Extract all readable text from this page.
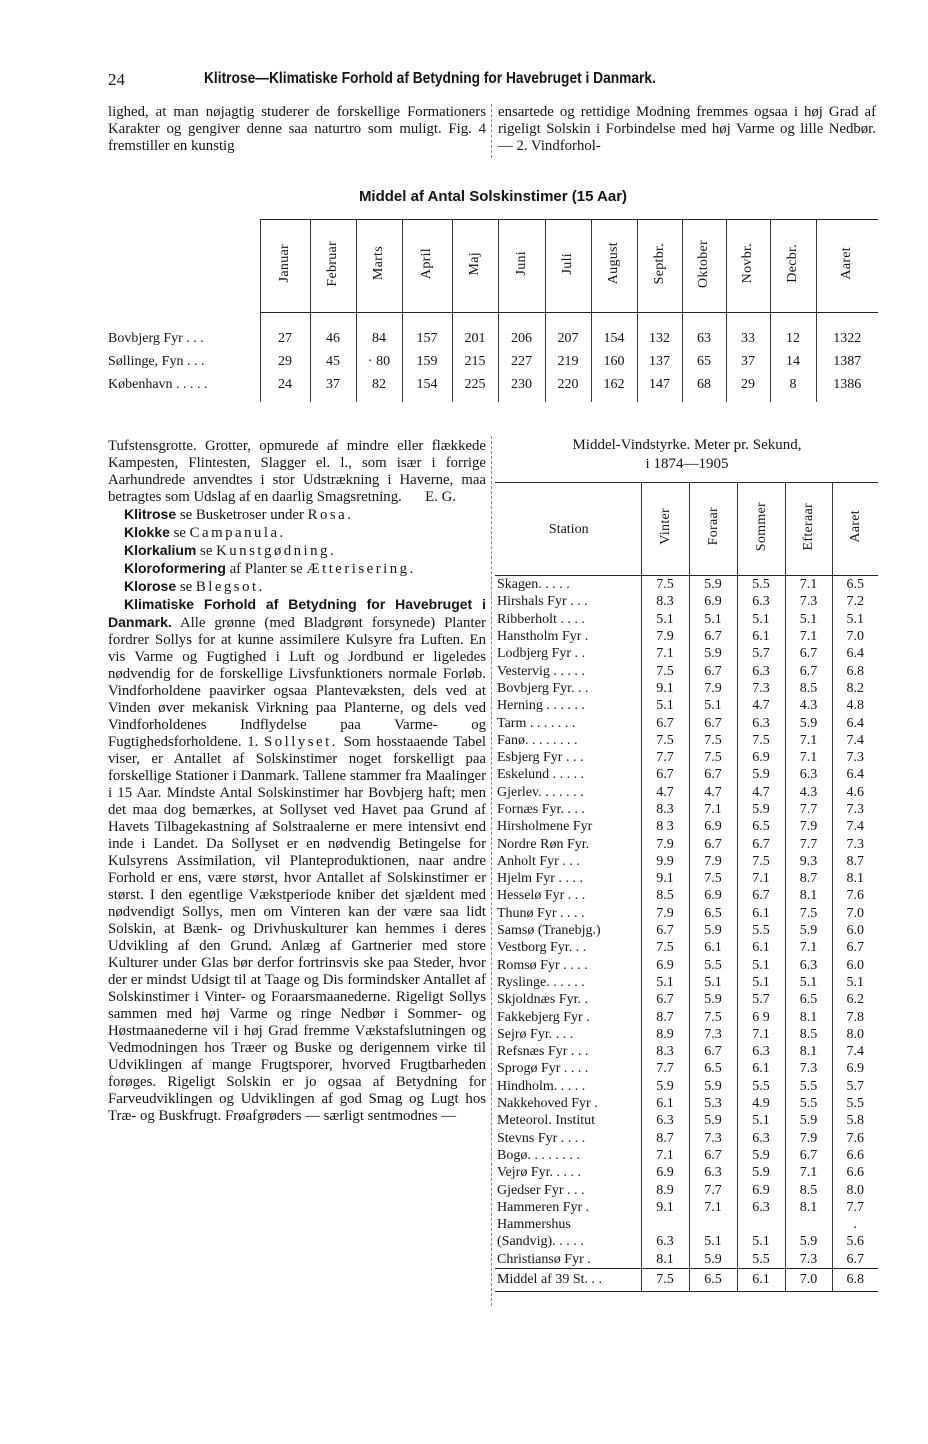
24	Klitrose—Klimatiske Forhold af Betydning for Havebruget i Danmark.

lighed, at man nøjagtig studerer de forskellige Formationers Karakter og gengiver denne saa naturtro som muligt. Fig. 4 fremstiller en kunstig

ensartede og rettidige Modning fremmes ogsaa i høj Grad af rigeligt Solskin i Forbindelse med høj Varme og lille Nedbør. — 2. Vindforhol-

Middel af Antal Solskinstimer (15 Aar)
	Januar	Februar	Marts	April	Maj	Juni	Juli	August	Septbr.	Oktober	Novbr.	Decbr.	Aaret

Bovbjerg Fyr . . .	27	46	84	157	201	206	207	154	132	63	33	12	1322
Søllinge, Fyn . . .	29	45	· 80	159	215	227	219	160	137	65	37	14	1387
København . . . . .	24	37	82	154	225	230	220	162	147	68	29	8	1386

Tufstensgrotte. Grotter, opmurede af mindre eller flækkede Kampesten, Flintesten, Slagger el. l., som især i forrige Aarhundrede anvendtes i stor Udstrækning i Haverne, maa betragtes som Udslag af en daarlig Smagsretning. E. G.

Klitrose se Busketroser under Rosa.

Klokke se Campanula.

Klorkalium se Kunstgødning.

Kloroformering af Planter se Ætterisering.

Klorose se Blegsot.

Klimatiske Forhold af Betydning for Havebruget i Danmark. Alle grønne (med Bladgrønt forsynede) Planter fordrer Sollys for at kunne assimilere Kulsyre fra Luften. En vis Varme og Fugtighed i Luft og Jordbund er ligeledes nødvendig for de forskellige Livsfunktioners normale Forløb. Vindforholdene paavirker ogsaa Plantevæksten, dels ved at Vinden øver mekanisk Virkning paa Planterne, og dels ved Vindforholdenes Indflydelse paa Varme- og Fugtighedsforholdene. 1. Sollyset. Som hosstaaende Tabel viser, er Antallet af Solskinstimer noget forskelligt paa forskellige Stationer i Danmark. Tallene stammer fra Maalinger i 15 Aar. Mindste Antal Solskinstimer har Bovbjerg haft; men det maa dog bemærkes, at Sollyset ved Havet paa Grund af Havets Tilbagekastning af Solstraalerne er mere intensivt end inde i Landet. Da Sollyset er en nødvendig Betingelse for Kulsyrens Assimilation, vil Planteproduktionen, naar andre Forhold er ens, være størst, hvor Antallet af Solskinstimer er størst. I den egentlige Vækstperiode kniber det sjældent med nødvendigt Sollys, men om Vinteren kan der være saa lidt Solskin, at Bænk- og Drivhuskulturer kan hemmes i deres Udvikling af den Grund. Anlæg af Gartnerier med store Kulturer under Glas bør derfor fortrinsvis ske paa Steder, hvor der er mindst Udsigt til at Taage og Dis formindsker Antallet af Solskinstimer i Vinter- og Foraarsmaanederne. Rigeligt Sollys sammen med høj Varme og ringe Nedbør i Sommer- og Høstmaanederne vil i høj Grad fremme Vækstafslutningen og Vedmodningen hos Træer og Buske og derigennem virke til Udviklingen af mange Frugtsporer, hvorved Frugtbarheden forøges. Rigeligt Solskin er jo ogsaa af Betydning for Farveudviklingen og Udviklingen af god Smag og Lugt hos Træ- og Buskfrugt. Frøafgrøders — særligt sentmodnes —

Middel-Vindstyrke. Meter pr. Sekund,
i 1874—1905
Station	Vinter	Foraar	Sommer	Efteraar	Aaret
Skagen. . . . .	7.5	5.9	5.5	7.1	6.5
Hirshals Fyr . . .	8.3	6.9	6.3	7.3	7.2
Ribberholt . . . .	5.1	5.1	5.1	5.1	5.1
Hanstholm Fyr .	7.9	6.7	6.1	7.1	7.0
Lodbjerg Fyr . .	7.1	5.9	5.7	6.7	6.4
Vestervig . . . . .	7.5	6.7	6.3	6.7	6.8
Bovbjerg Fyr. . .	9.1	7.9	7.3	8.5	8.2
Herning . . . . . .	5.1	5.1	4.7	4.3	4.8
Tarm . . . . . . .	6.7	6.7	6.3	5.9	6.4
Fanø. . . . . . . .	7.5	7.5	7.5	7.1	7.4
Esbjerg Fyr . . .	7.7	7.5	6.9	7.1	7.3
Eskelund . . . . .	6.7	6.7	5.9	6.3	6.4
Gjerlev. . . . . . .	4.7	4.7	4.7	4.3	4.6
Fornæs Fyr. . . .	8.3	7.1	5.9	7.7	7.3
Hirsholmene Fyr	8 3	6.9	6.5	7.9	7.4
Nordre Røn Fyr.	7.9	6.7	6.7	7.7	7.3
Anholt Fyr . . .	9.9	7.9	7.5	9.3	8.7
Hjelm Fyr . . . .	9.1	7.5	7.1	8.7	8.1
Hesselø Fyr . . .	8.5	6.9	6.7	8.1	7.6
Thunø Fyr . . . .	7.9	6.5	6.1	7.5	7.0
Samsø (Tranebjg.)	6.7	5.9	5.5	5.9	6.0
Vestborg Fyr. . .	7.5	6.1	6.1	7.1	6.7
Romsø Fyr . . . .	6.9	5.5	5.1	6.3	6.0
Ryslinge. . . . . .	5.1	5.1	5.1	5.1	5.1
Skjoldnæs Fyr. .	6.7	5.9	5.7	6.5	6.2
Fakkebjerg Fyr .	8.7	7.5	6 9	8.1	7.8
Sejrø Fyr. . . .	8.9	7.3	7.1	8.5	8.0
Refsnæs Fyr . . .	8.3	6.7	6.3	8.1	7.4
Sprogø Fyr . . . .	7.7	6.5	6.1	7.3	6.9
Hindholm. . . . .	5.9	5.9	5.5	5.5	5.7
Nakkehoved Fyr .	6.1	5.3	4.9	5.5	5.5
Meteorol. Institut	6.3	5.9	5.1	5.9	5.8
Stevns Fyr . . . .	8.7	7.3	6.3	7.9	7.6
Bogø. . . . . . . .	7.1	6.7	5.9	6.7	6.6
Vejrø Fyr. . . . .	6.9	6.3	5.9	7.1	6.6
Gjedser Fyr . . .	8.9	7.7	6.9	8.5	8.0
Hammeren Fyr .	9.1	7.1	6.3	8.1	7.7
Hammershus					.
(Sandvig). . . . .	6.3	5.1	5.1	5.9	5.6
Christiansø Fyr .	8.1	5.9	5.5	7.3	6.7
Middel af 39 St. . .	7.5	6.5	6.1	7.0	6.8
